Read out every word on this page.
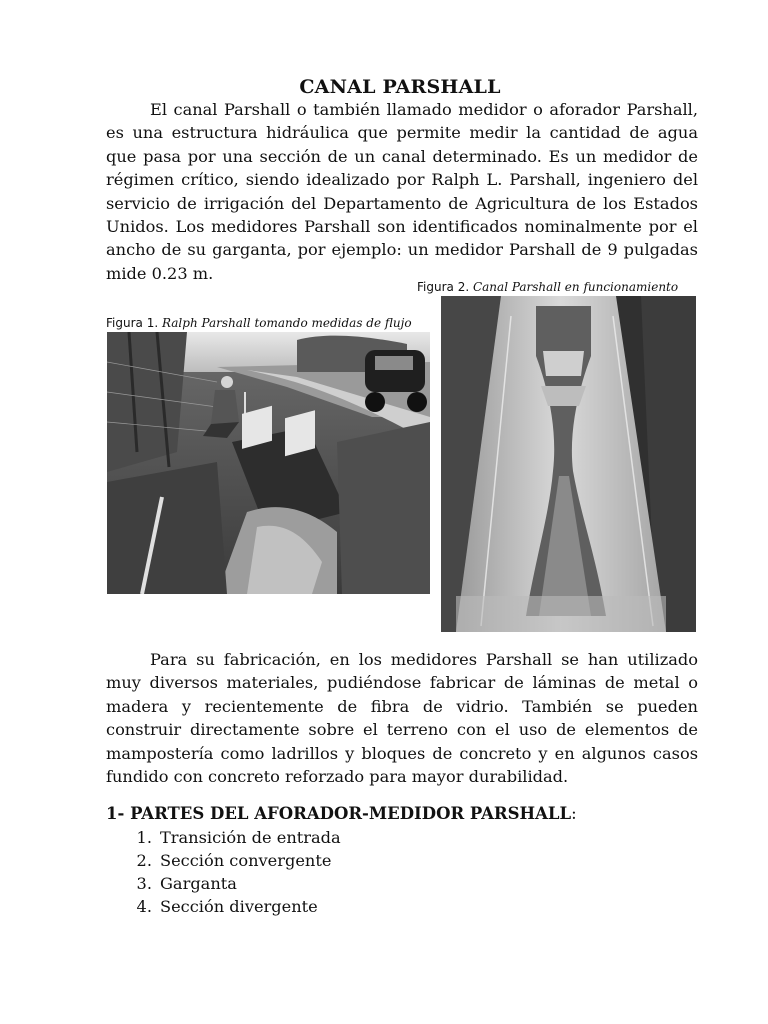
CANAL PARSHALL

El canal Parshall o también llamado medidor o aforador Parshall, es una estructura hidráulica que permite medir la cantidad de agua que pasa por una sección de un canal determinado. Es un medidor de régimen crítico, siendo idealizado por Ralph L. Parshall, ingeniero del servicio de irrigación del Departamento de Agricultura de los Estados Unidos. Los medidores Parshall son identificados nominalmente por el ancho de su garganta, por ejemplo: un medidor Parshall de 9 pulgadas mide 0.23 m.

Figura 2. Canal Parshall en funcionamiento
Figura 1. Ralph Parshall tomando medidas de flujo

Para su fabricación, en los medidores Parshall se han utilizado muy diversos materiales, pudiéndose fabricar de láminas de metal o madera y recientemente de fibra de vidrio. También se pueden construir directamente sobre el terreno con el uso de elementos de mampostería como ladrillos y bloques de concreto y en algunos casos fundido con concreto reforzado para mayor durabilidad.

1- PARTES DEL AFORADOR-MEDIDOR PARSHALL:
1. Transición de entrada
2. Sección convergente
3. Garganta
4. Sección divergente
